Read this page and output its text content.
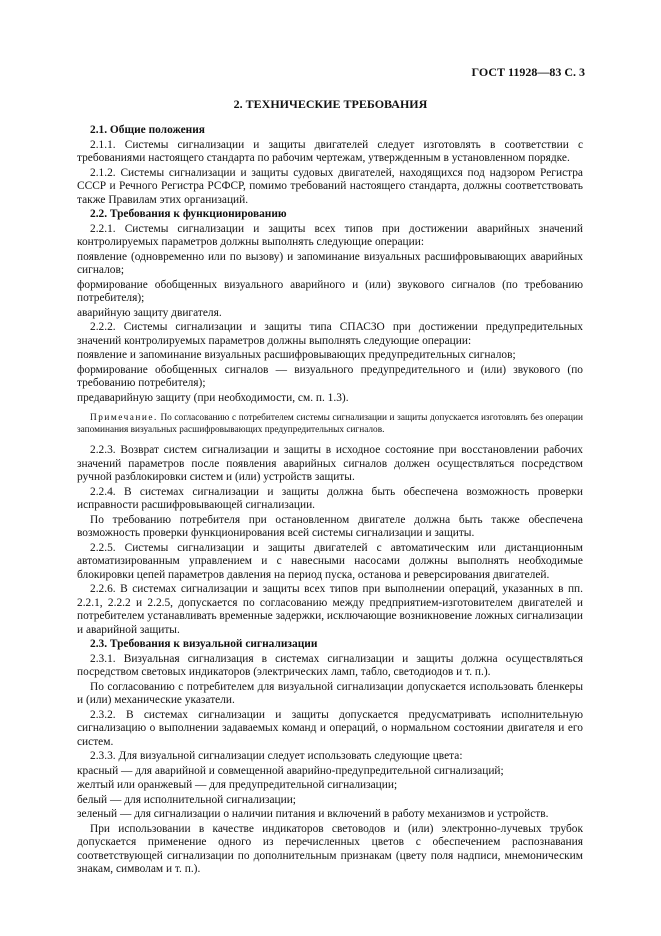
ГОСТ 11928—83 С. 3
2. ТЕХНИЧЕСКИЕ ТРЕБОВАНИЯ
2.1. Общие положения
2.1.1. Системы сигнализации и защиты двигателей следует изготовлять в соответствии с требованиями настоящего стандарта по рабочим чертежам, утвержденным в установленном порядке.
2.1.2. Системы сигнализации и защиты судовых двигателей, находящихся под надзором Регистра СССР и Речного Регистра РСФСР, помимо требований настоящего стандарта, должны соответствовать также Правилам этих организаций.
2.2. Требования к функционированию
2.2.1. Системы сигнализации и защиты всех типов при достижении аварийных значений контролируемых параметров должны выполнять следующие операции:
появление (одновременно или по вызову) и запоминание визуальных расшифровывающих аварийных сигналов;
формирование обобщенных визуального аварийного и (или) звукового сигналов (по требованию потребителя);
аварийную защиту двигателя.
2.2.2. Системы сигнализации и защиты типа СПАСЗО при достижении предупредительных значений контролируемых параметров должны выполнять следующие операции:
появление и запоминание визуальных расшифровывающих предупредительных сигналов;
формирование обобщенных сигналов — визуального предупредительного и (или) звукового (по требованию потребителя);
предаварийную защиту (при необходимости, см. п. 1.3).
Примечание. По согласованию с потребителем системы сигнализации и защиты допускается изготовлять без операции запоминания визуальных расшифровывающих предупредительных сигналов.
2.2.3. Возврат систем сигнализации и защиты в исходное состояние при восстановлении рабочих значений параметров после появления аварийных сигналов должен осуществляться посредством ручной разблокировки систем и (или) устройств защиты.
2.2.4. В системах сигнализации и защиты должна быть обеспечена возможность проверки исправности расшифровывающей сигнализации.
По требованию потребителя при остановленном двигателе должна быть также обеспечена возможность проверки функционирования всей системы сигнализации и защиты.
2.2.5. Системы сигнализации и защиты двигателей с автоматическим или дистанционным автоматизированным управлением и с навесными насосами должны выполнять необходимые блокировки цепей параметров давления на период пуска, останова и реверсирования двигателей.
2.2.6. В системах сигнализации и защиты всех типов при выполнении операций, указанных в пп. 2.2.1, 2.2.2 и 2.2.5, допускается по согласованию между предприятием-изготовителем двигателей и потребителем устанавливать временные задержки, исключающие возникновение ложных сигнализации и аварийной защиты.
2.3. Требования к визуальной сигнализации
2.3.1. Визуальная сигнализация в системах сигнализации и защиты должна осуществляться посредством световых индикаторов (электрических ламп, табло, светодиодов и т. п.).
По согласованию с потребителем для визуальной сигнализации допускается использовать бленкеры и (или) механические указатели.
2.3.2. В системах сигнализации и защиты допускается предусматривать исполнительную сигнализацию о выполнении задаваемых команд и операций, о нормальном состоянии двигателя и его систем.
2.3.3. Для визуальной сигнализации следует использовать следующие цвета:
красный — для аварийной и совмещенной аварийно-предупредительной сигнализаций;
желтый или оранжевый — для предупредительной сигнализации;
белый — для исполнительной сигнализации;
зеленый — для сигнализации о наличии питания и включений в работу механизмов и устройств.
При использовании в качестве индикаторов световодов и (или) электронно-лучевых трубок допускается применение одного из перечисленных цветов с обеспечением распознавания соответствующей сигнализации по дополнительным признакам (цвету поля надписи, мнемоническим знакам, символам и т. п.).
